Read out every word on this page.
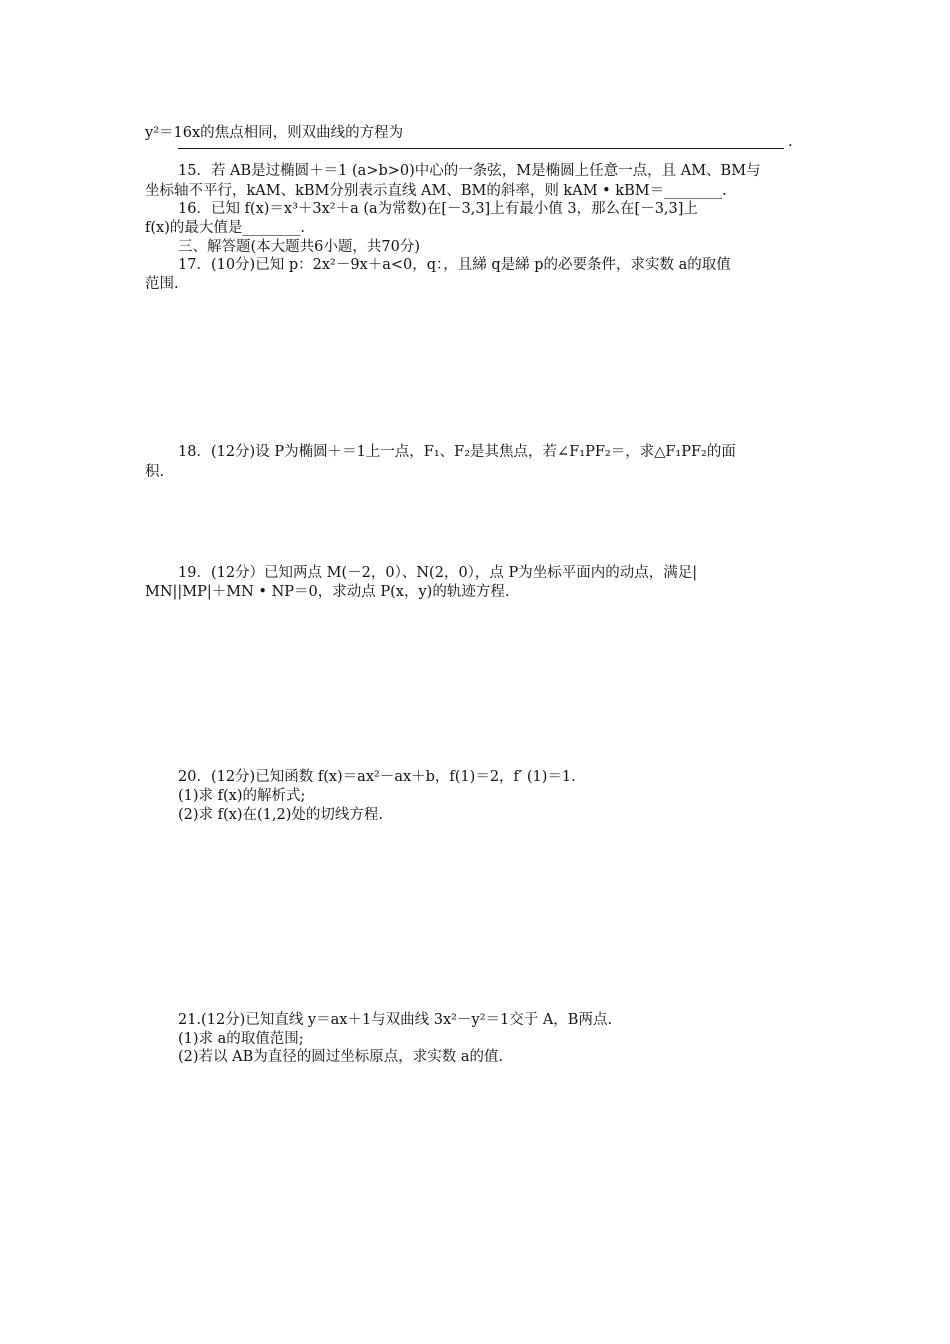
y²＝16x的焦点相同，则双曲线的方程为
.
15．若 AB是过椭圆＋＝1 (a>b>0)中心的一条弦，M是椭圆上任意一点，且 AM、BM与
坐标轴不平行，kAM、kBM分别表示直线 AM、BM的斜率，则 kAM • kBM＝________.
16．已知 f(x)＝x³＋3x²＋a (a为常数)在[－3,3]上有最小值 3，那么在[－3,3]上
f(x)的最大值是________.
三、解答题(本大题共6小题，共70分)
17．(10分)已知 p：2x²－9x＋a<0，q：，且綈 q是綈 p的必要条件，求实数 a的取值
范围.
18．(12分)设 P为椭圆＋＝1上一点，F₁、F₂是其焦点，若∠F₁PF₂＝，求△F₁PF₂的面
积.
19．(12分）已知两点 M(－2，0）、N(2，0），点 P为坐标平面内的动点，满足|
MN||MP|＋MN • NP＝0，求动点 P(x，y)的轨迹方程.
20．(12分)已知函数 f(x)＝ax²－ax＋b，f(1)＝2，f′ (1)＝1.
(1)求 f(x)的解析式;
(2)求 f(x)在(1,2)处的切线方程.
21.(12分)已知直线 y＝ax＋1与双曲线 3x²－y²＝1交于 A，B两点.
(1)求 a的取值范围;
(2)若以 AB为直径的圆过坐标原点，求实数 a的值.
